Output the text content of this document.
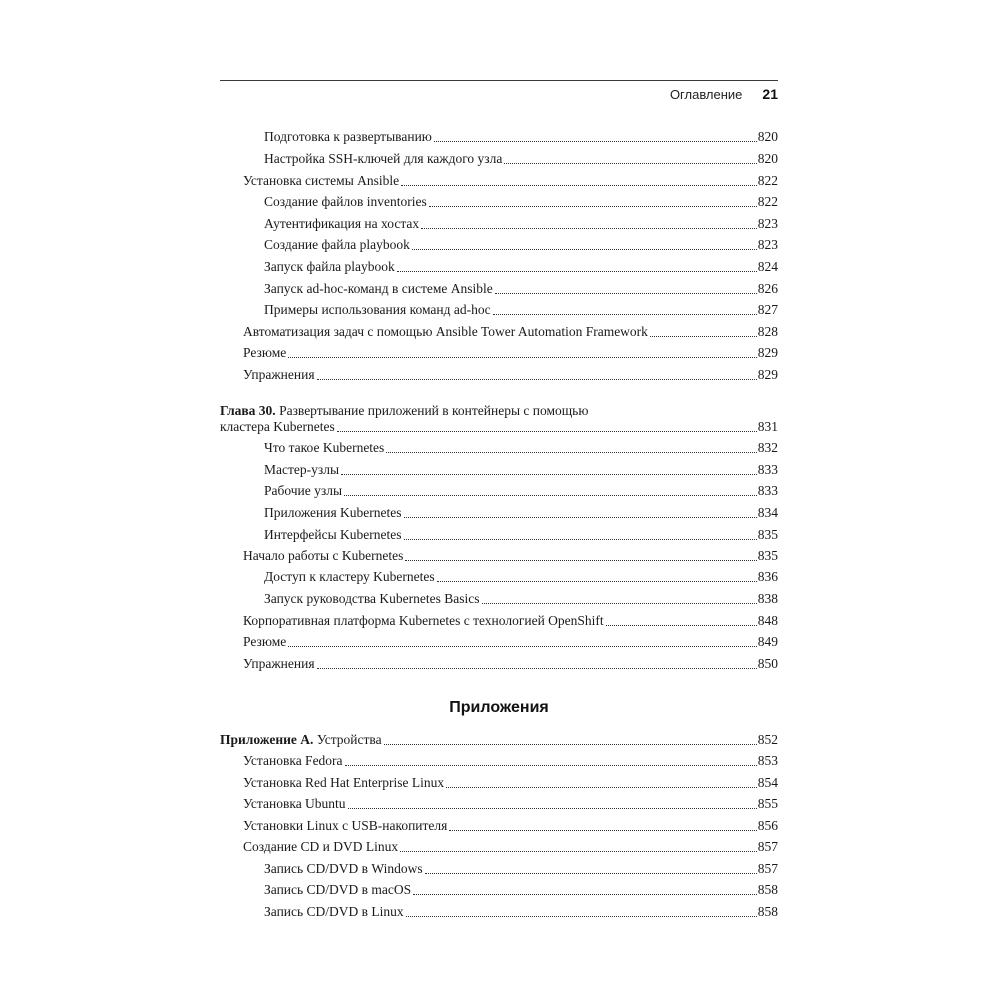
Оглавление 21
Подготовка к развертыванию	820
Настройка SSH-ключей для каждого узла	820
Установка системы Ansible	822
Создание файлов inventories	822
Аутентификация на хостах	823
Создание файла playbook	823
Запуск файла playbook	824
Запуск ad-hoc-команд в системе Ansible	826
Примеры использования команд ad-hoc	827
Автоматизация задач с помощью Ansible Tower Automation Framework	828
Резюме	829
Упражнения	829
Глава 30. Развертывание приложений в контейнеры с помощью
кластера Kubernetes	831
Что такое Kubernetes	832
Мастер-узлы	833
Рабочие узлы	833
Приложения Kubernetes	834
Интерфейсы Kubernetes	835
Начало работы с Kubernetes	835
Доступ к кластеру Kubernetes	836
Запуск руководства Kubernetes Basics	838
Корпоративная платформа Kubernetes с технологией OpenShift	848
Резюме	849
Упражнения	850
Приложения
Приложение А. Устройства	852
Установка Fedora	853
Установка Red Hat Enterprise Linux	854
Установка Ubuntu	855
Установки Linux с USB-накопителя	856
Создание CD и DVD Linux	857
Запись CD/DVD в Windows	857
Запись CD/DVD в macOS	858
Запись CD/DVD в Linux	858
